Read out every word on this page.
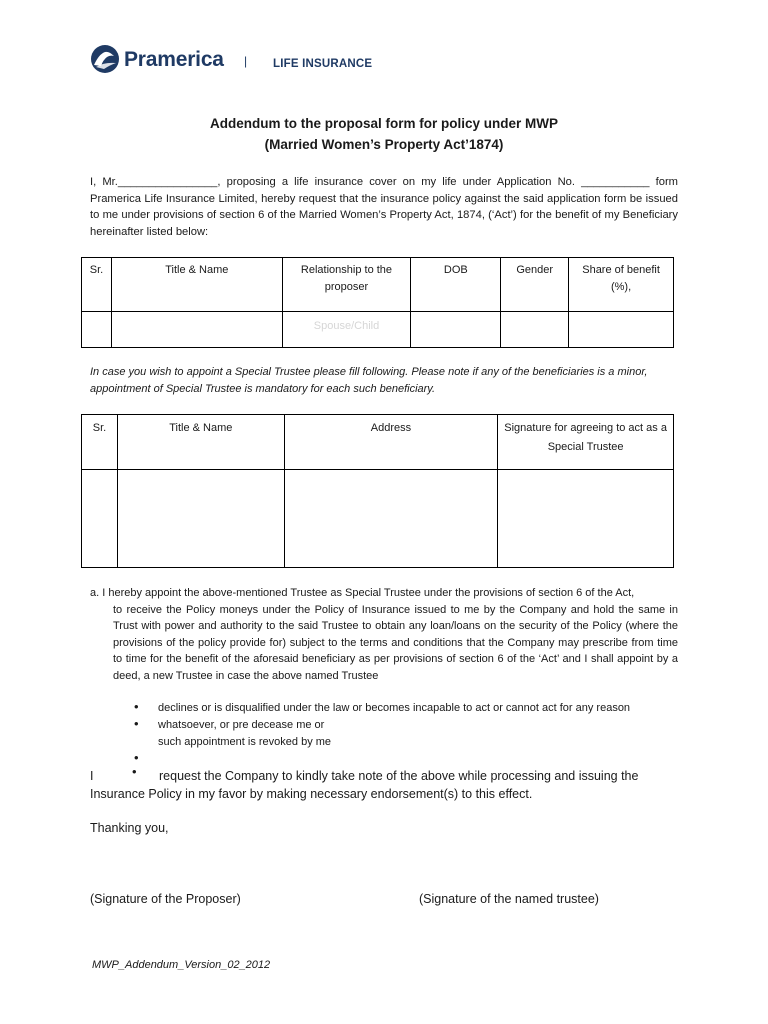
Pramerica | LIFE INSURANCE
Addendum to the proposal form for policy under MWP
(Married Women’s Property Act’1874)

I, Mr.________________, proposing a life insurance cover on my life under Application No. ___________ form Pramerica Life Insurance Limited, hereby request that the insurance policy against the said application form be issued to me under provisions of section 6 of the Married Women’s Property Act, 1874, (‘Act’) for the benefit of my Beneficiary hereinafter listed below:

Sr.	Title & Name	Relationship to the proposer	DOB	Gender	Share of benefit (%),
		Spouse/Child			

In case you wish to appoint a Special Trustee please fill following. Please note if any of the beneficiaries is a minor, appointment of Special Trustee is mandatory for each such beneficiary.

Sr.	Title & Name	Address	Signature for agreeing to act as a Special Trustee

a. I hereby appoint the above-mentioned Trustee as Special Trustee under the provisions of section 6 of the Act,
to receive the Policy moneys under the Policy of Insurance issued to me by the Company and hold the same in Trust with power and authority to the said Trustee to obtain any loan/loans on the security of the Policy (where the provisions of the policy provide for) subject to the terms and conditions that the Company may prescribe from time to time for the benefit of the aforesaid beneficiary as per provisions of section 6 of the ‘Act’ and I shall appoint by a deed, a new Trustee in case the above named Trustee
• declines or is disqualified under the law or becomes incapable to act or cannot act for any reason
• whatsoever, or pre decease me or
such appointment is revoked by me
•
I	• request the Company to kindly take note of the above while processing and issuing the
Insurance Policy in my favor by making necessary endorsement(s) to this effect.
Thanking you,
(Signature of the Proposer)	(Signature of the named trustee)
MWP_Addendum_Version_02_2012
